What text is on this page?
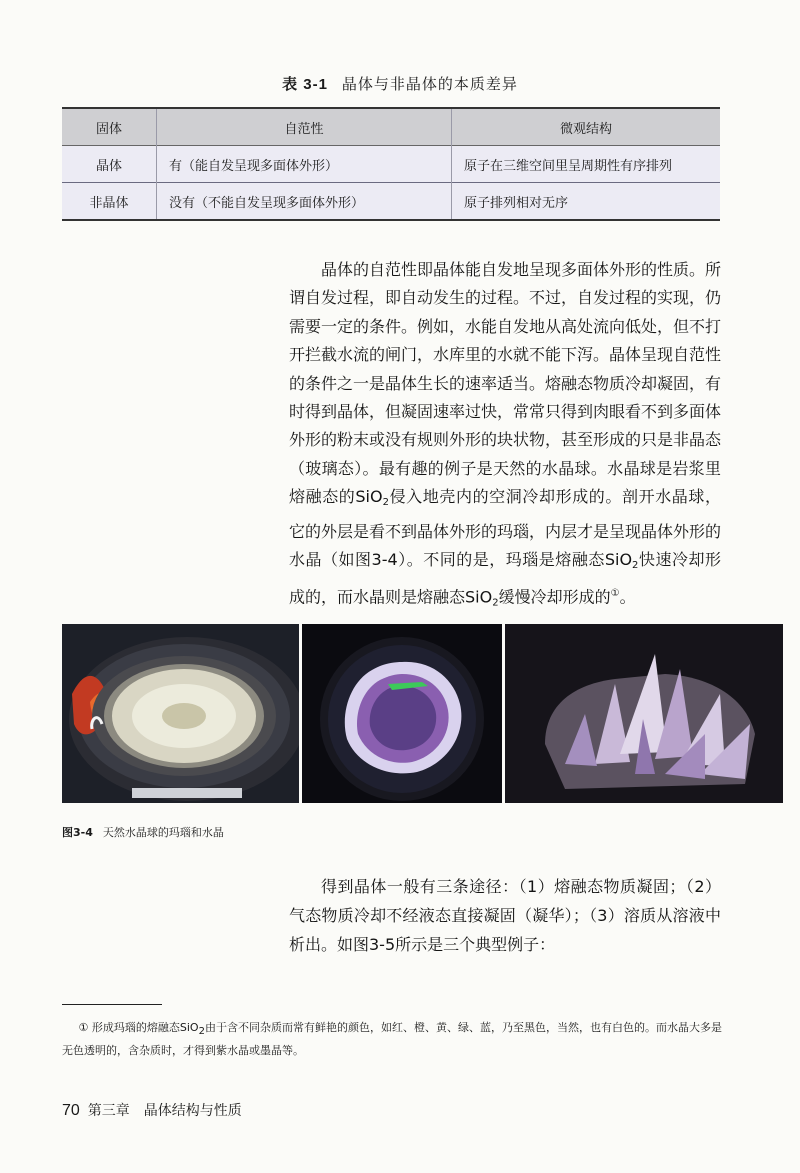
表 3-1 晶体与非晶体的本质差异
固体	自范性	微观结构
晶体	有（能自发呈现多面体外形）	原子在三维空间里呈周期性有序排列
非晶体	没有（不能自发呈现多面体外形）	原子排列相对无序

晶体的自范性即晶体能自发地呈现多面体外形的性质。所谓自发过程，即自动发生的过程。不过，自发过程的实现，仍需要一定的条件。例如，水能自发地从高处流向低处，但不打开拦截水流的闸门，水库里的水就不能下泻。晶体呈现自范性的条件之一是晶体生长的速率适当。熔融态物质冷却凝固，有时得到晶体，但凝固速率过快，常常只得到肉眼看不到多面体外形的粉末或没有规则外形的块状物，甚至形成的只是非晶态（玻璃态）。最有趣的例子是天然的水晶球。水晶球是岩浆里熔融态的SiO$_2$侵入地壳内的空洞冷却形成的。剖开水晶球，它的外层是看不到晶体外形的玛瑙，内层才是呈现晶体外形的水晶（如图3-4）。不同的是，玛瑙是熔融态SiO$_2$快速冷却形成的，而水晶则是熔融态SiO$_2$缓慢冷却形成的①。

图3-4 天然水晶球的玛瑙和水晶

得到晶体一般有三条途径：（1）熔融态物质凝固；（2）气态物质冷却不经液态直接凝固（凝华）；（3）溶质从溶液中析出。如图3-5所示是三个典型例子：

① 形成玛瑙的熔融态SiO$_2$由于含不同杂质而常有鲜艳的颜色，如红、橙、黄、绿、蓝，乃至黑色，当然，也有白色的。而水晶大多是无色透明的，含杂质时，才得到紫水晶或墨晶等。

70 第三章 晶体结构与性质
